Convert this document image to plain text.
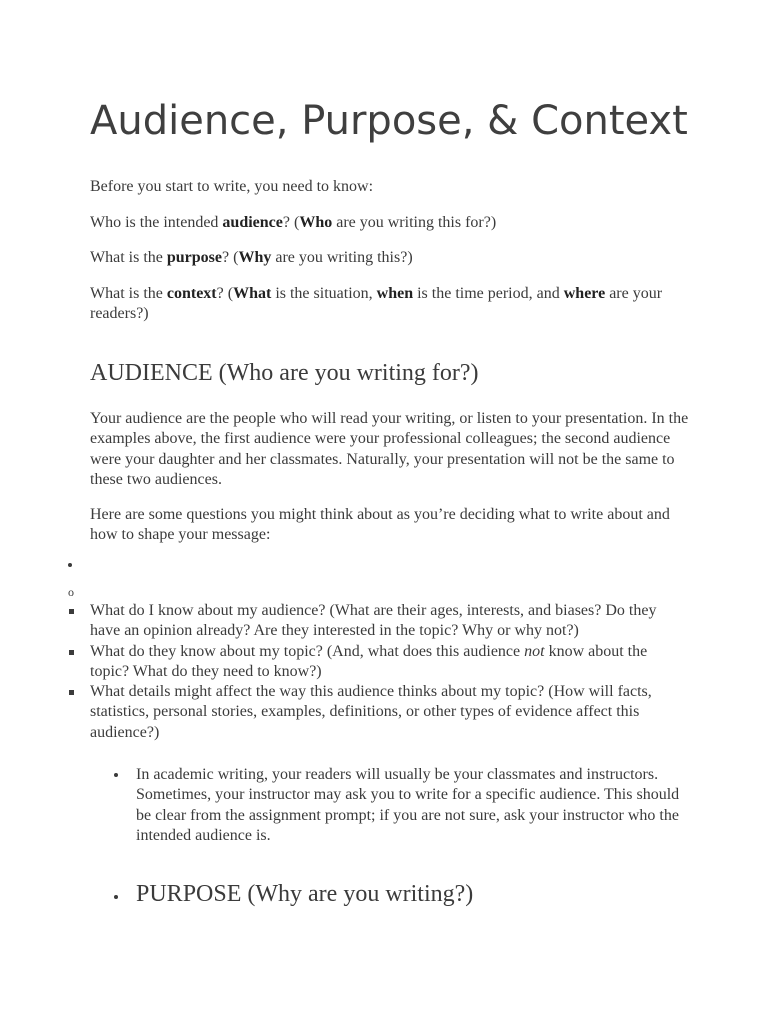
Audience, Purpose, & Context

Before you start to write, you need to know:

Who is the intended audience? (Who are you writing this for?)

What is the purpose? (Why are you writing this?)

What is the context? (What is the situation, when is the time period, and where are your readers?)

AUDIENCE (Who are you writing for?)

Your audience are the people who will read your writing, or listen to your presentation. In the examples above, the first audience were your professional colleagues; the second audience were your daughter and her classmates. Naturally, your presentation will not be the same to these two audiences.

Here are some questions you might think about as you’re deciding what to write about and how to shape your message:

o

What do I know about my audience? (What are their ages, interests, and biases? Do they have an opinion already? Are they interested in the topic? Why or why not?)

What do they know about my topic? (And, what does this audience not know about the topic? What do they need to know?)

What details might affect the way this audience thinks about my topic? (How will facts, statistics, personal stories, examples, definitions, or other types of evidence affect this audience?)

In academic writing, your readers will usually be your classmates and instructors. Sometimes, your instructor may ask you to write for a specific audience. This should be clear from the assignment prompt; if you are not sure, ask your instructor who the intended audience is.

PURPOSE (Why are you writing?)
